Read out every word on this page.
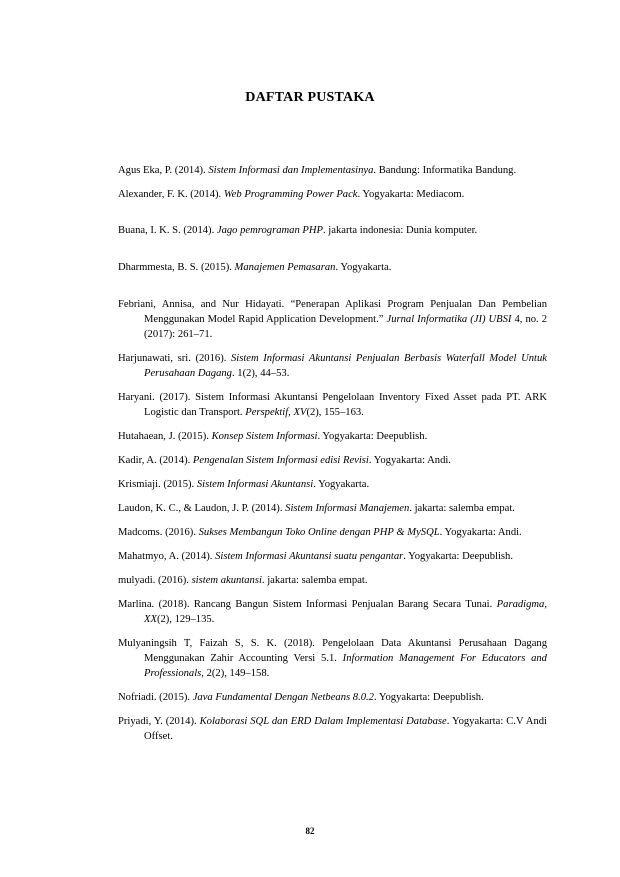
DAFTAR PUSTAKA

Agus Eka, P. (2014). Sistem Informasi dan Implementasinya. Bandung: Informatika Bandung.

Alexander, F. K. (2014). Web Programming Power Pack. Yogyakarta: Mediacom.

Buana, I. K. S. (2014). Jago pemrograman PHP. jakarta indonesia: Dunia komputer.

Dharmmesta, B. S. (2015). Manajemen Pemasaran. Yogyakarta.

Febriani, Annisa, and Nur Hidayati. “Penerapan Aplikasi Program Penjualan Dan Pembelian Menggunakan Model Rapid Application Development.” Jurnal Informatika (JI) UBSI 4, no. 2 (2017): 261–71.

Harjunawati, sri. (2016). Sistem Informasi Akuntansi Penjualan Berbasis Waterfall Model Untuk Perusahaan Dagang. 1(2), 44–53.

Haryani. (2017). Sistem Informasi Akuntansi Pengelolaan Inventory Fixed Asset pada PT. ARK Logistic dan Transport. Perspektif, XV(2), 155–163.

Hutahaean, J. (2015). Konsep Sistem Informasi. Yogyakarta: Deepublish.

Kadir, A. (2014). Pengenalan Sistem Informasi edisi Revisi. Yogyakarta: Andi.

Krismiaji. (2015). Sistem Informasi Akuntansi. Yogyakarta.

Laudon, K. C., & Laudon, J. P. (2014). Sistem Informasi Manajemen. jakarta: salemba empat.

Madcoms. (2016). Sukses Membangun Toko Online dengan PHP & MySQL. Yogyakarta: Andi.

Mahatmyo, A. (2014). Sistem Informasi Akuntansi suatu pengantar. Yogyakarta: Deepublish.

mulyadi. (2016). sistem akuntansi. jakarta: salemba empat.

Marlina. (2018). Rancang Bangun Sistem Informasi Penjualan Barang Secara Tunai. Paradigma, XX(2), 129–135.

Mulyaningsih T, Faizah S, S. K. (2018). Pengelolaan Data Akuntansi Perusahaan Dagang Menggunakan Zahir Accounting Versi 5.1. Information Management For Educators and Professionals, 2(2), 149–158.

Nofriadi. (2015). Java Fundamental Dengan Netbeans 8.0.2. Yogyakarta: Deepublish.

Priyadi, Y. (2014). Kolaborasi SQL dan ERD Dalam Implementasi Database. Yogyakarta: C.V Andi Offset.

82
